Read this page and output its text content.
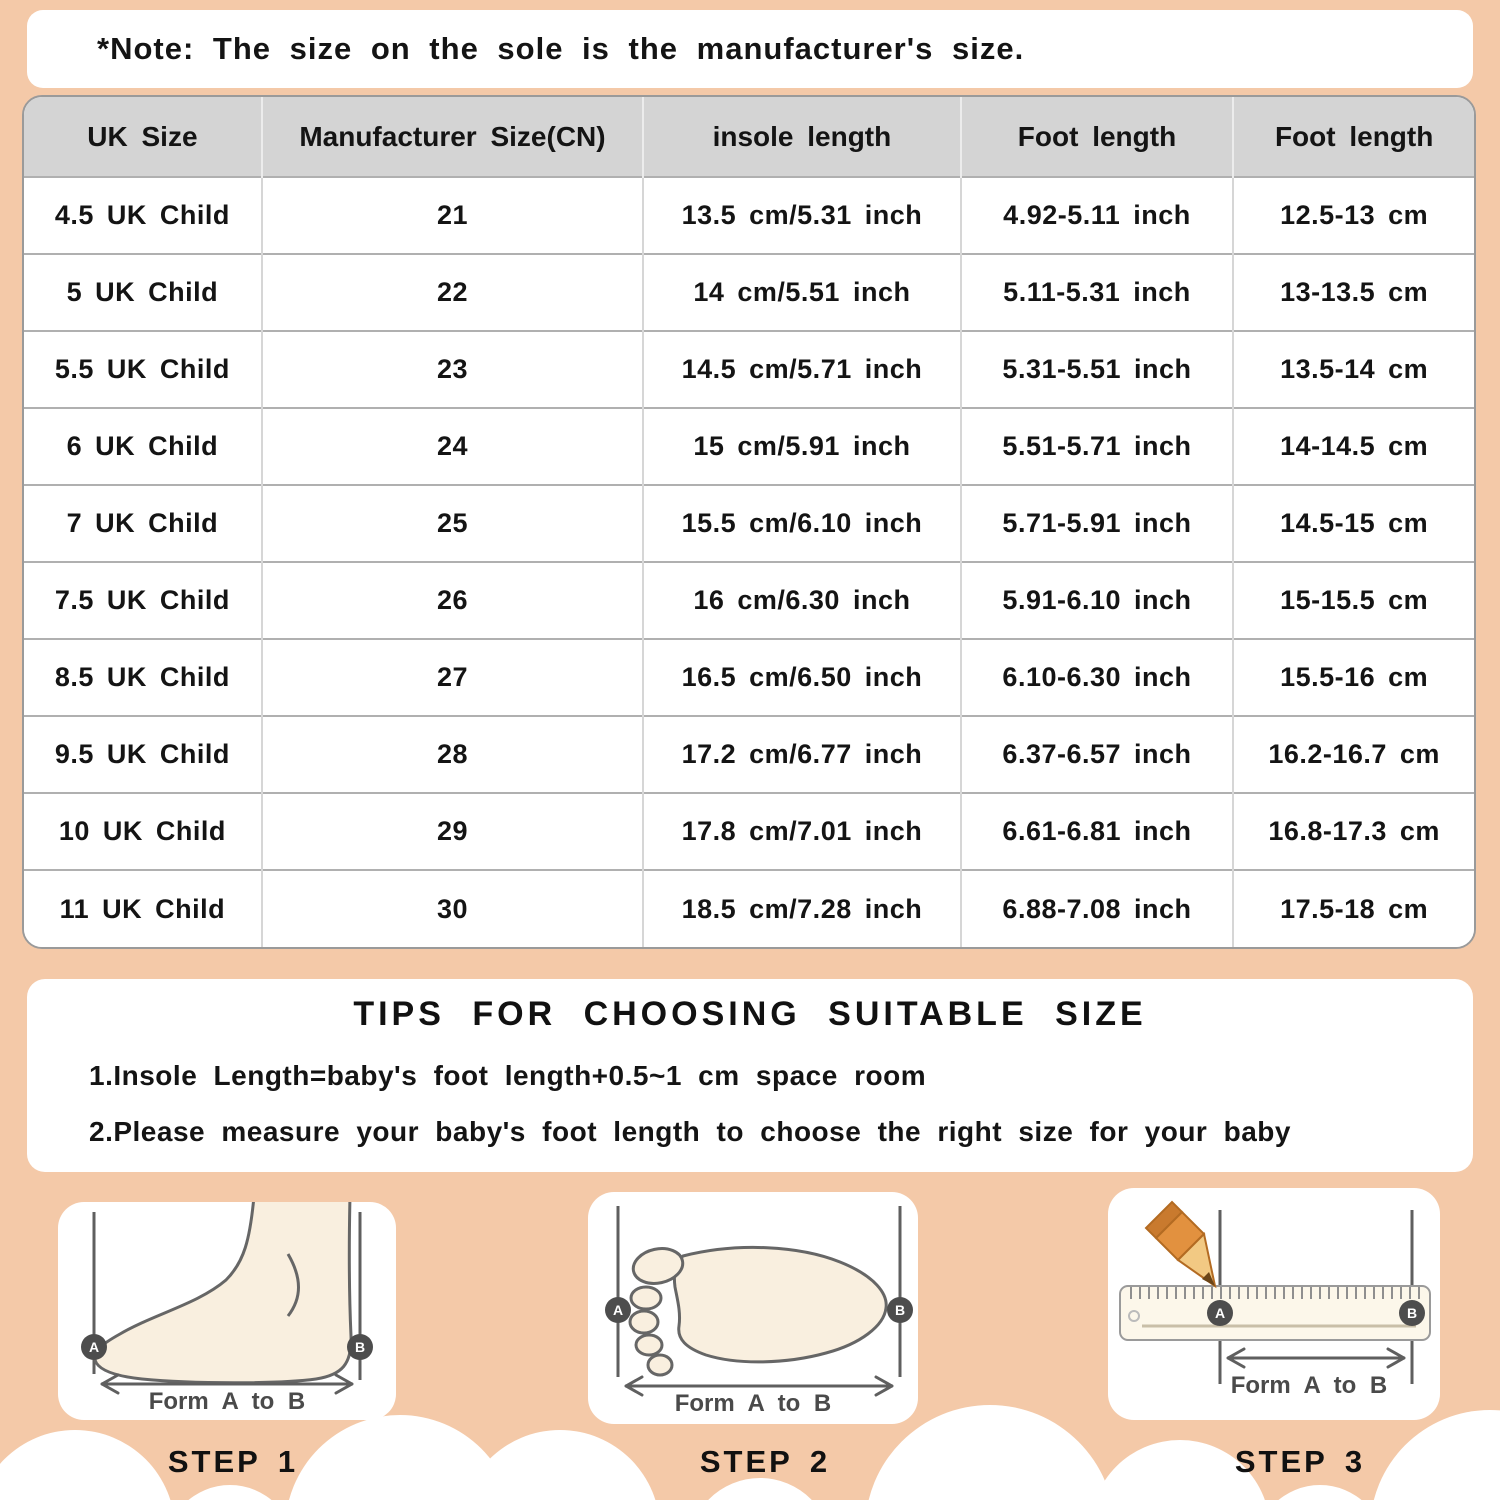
*Note: The size on the sole is the manufacturer's size.
UK Size	Manufacturer Size(CN)	insole length	Foot length	Foot length
4.5 UK Child	21	13.5 cm/5.31 inch	4.92-5.11 inch	12.5-13 cm
5 UK Child	22	14 cm/5.51 inch	5.11-5.31 inch	13-13.5 cm
5.5 UK Child	23	14.5 cm/5.71 inch	5.31-5.51 inch	13.5-14 cm
6 UK Child	24	15 cm/5.91 inch	5.51-5.71 inch	14-14.5 cm
7 UK Child	25	15.5 cm/6.10 inch	5.71-5.91 inch	14.5-15 cm
7.5 UK Child	26	16 cm/6.30 inch	5.91-6.10 inch	15-15.5 cm
8.5 UK Child	27	16.5 cm/6.50 inch	6.10-6.30 inch	15.5-16 cm
9.5 UK Child	28	17.2 cm/6.77 inch	6.37-6.57 inch	16.2-16.7 cm
10 UK Child	29	17.8 cm/7.01 inch	6.61-6.81 inch	16.8-17.3 cm
11 UK Child	30	18.5 cm/7.28 inch	6.88-7.08 inch	17.5-18 cm
TIPS FOR CHOOSING SUITABLE SIZE
1.Insole Length=baby's foot length+0.5~1 cm space room
2.Please measure your baby's foot length to choose the right size for your baby
A	B
Form A to B
A	B
Form A to B
A	B
Form A to B
STEP 1	STEP 2	STEP 3
